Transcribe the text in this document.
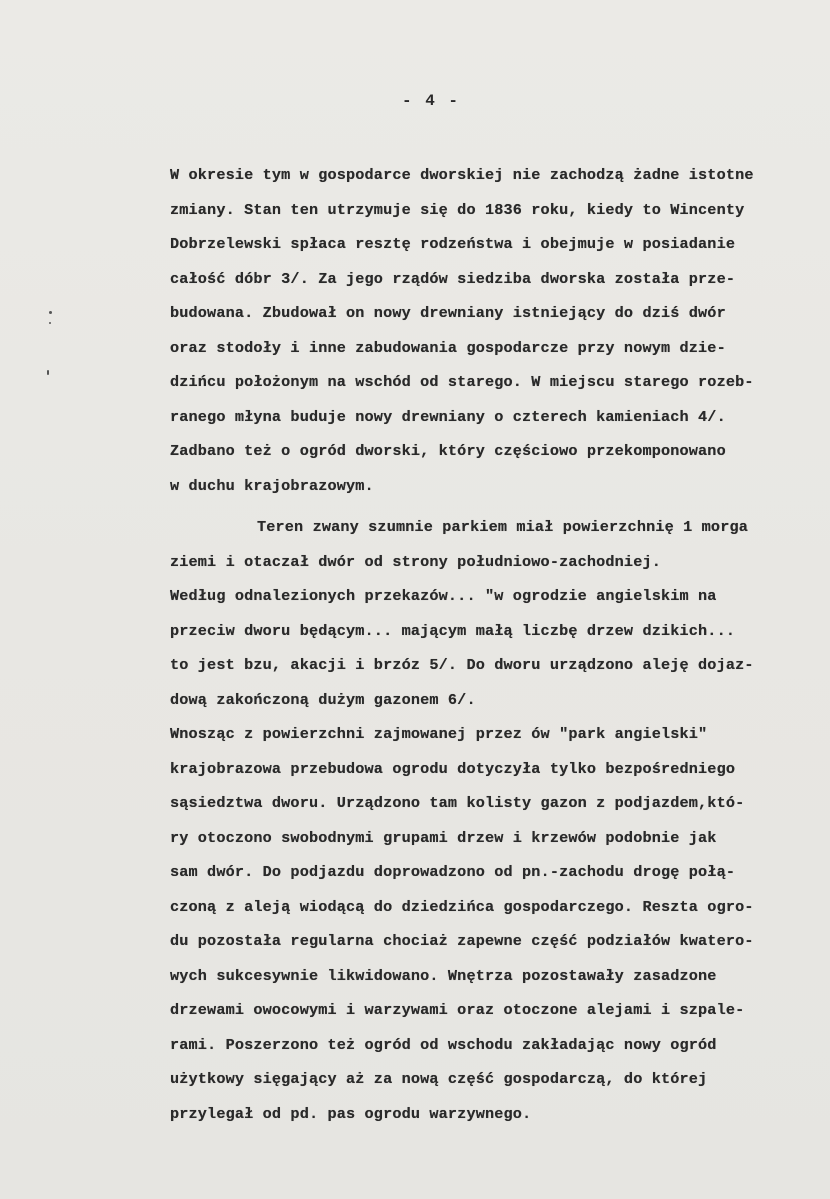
- 4 -
W okresie tym w gospodarce dworskiej nie zachodzą żadne istotne
zmiany. Stan ten utrzymuje się do 1836 roku, kiedy to Wincenty
Dobrzelewski spłaca resztę rodzeństwa i obejmuje w posiadanie
całość dóbr 3/. Za jego rządów siedziba dworska została prze-
budowana. Zbudował on nowy drewniany istniejący do dziś dwór
oraz stodoły i inne zabudowania gospodarcze przy nowym dzie-
dzińcu położonym na wschód od starego. W miejscu starego rozeb-
ranego młyna buduje nowy drewniany o czterech kamieniach 4/.
Zadbano też o ogród dworski, który częściowo przekomponowano
w duchu krajobrazowym.
Teren zwany szumnie parkiem miał powierzchnię 1 morga
ziemi i otaczał dwór od strony południowo-zachodniej.
Według odnalezionych przekazów... "w ogrodzie angielskim na
przeciw dworu będącym... mającym małą liczbę drzew dzikich...
to jest bzu, akacji i brzóz 5/. Do dworu urządzono aleję dojaz-
dową zakończoną dużym gazonem 6/.
Wnosząc z powierzchni zajmowanej przez ów "park angielski"
krajobrazowa przebudowa ogrodu dotyczyła tylko bezpośredniego
sąsiedztwa dworu. Urządzono tam kolisty gazon z podjazdem,któ-
ry otoczono swobodnymi grupami drzew i krzewów podobnie jak
sam dwór. Do podjazdu doprowadzono od pn.-zachodu drogę połą-
czoną z aleją wiodącą do dziedzińca gospodarczego. Reszta ogro-
du pozostała regularna chociaż zapewne część podziałów kwatero-
wych sukcesywnie likwidowano. Wnętrza pozostawały zasadzone
drzewami owocowymi i warzywami oraz otoczone alejami i szpale-
rami. Poszerzono też ogród od wschodu zakładając nowy ogród
użytkowy sięgający aż za nową część gospodarczą, do której
przylegał od pd. pas ogrodu warzywnego.
